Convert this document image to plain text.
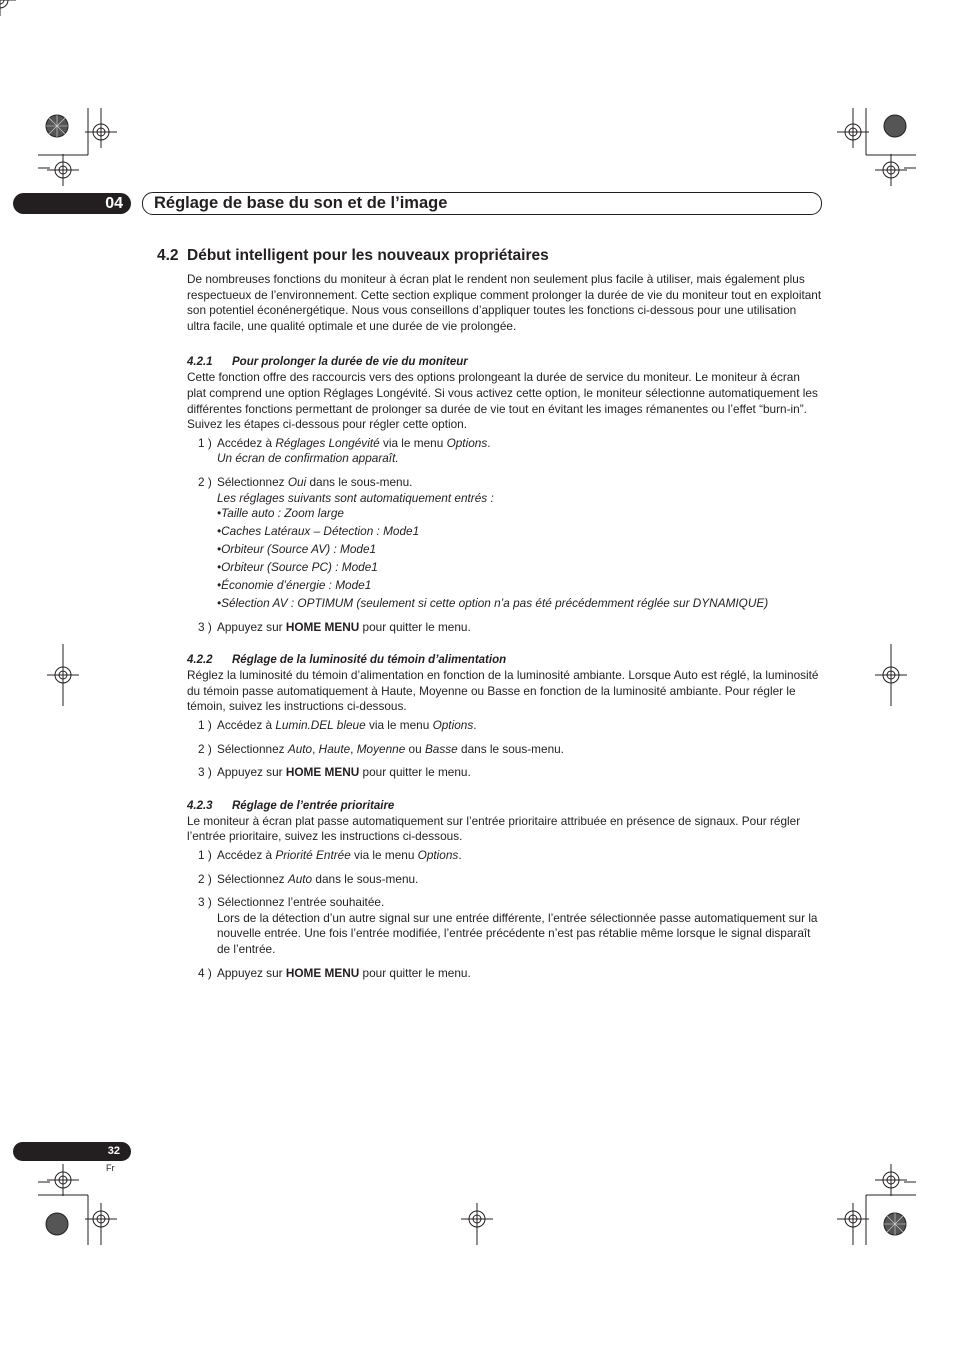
04 Réglage de base du son et de l’image
4.2 Début intelligent pour les nouveaux propriétaires

De nombreuses fonctions du moniteur à écran plat le rendent non seulement plus facile à utiliser, mais également plus respectueux de l’environnement. Cette section explique comment prolonger la durée de vie du moniteur tout en exploitant son potentiel éconénergétique. Nous vous conseillons d’appliquer toutes les fonctions ci-dessous pour une utilisation ultra facile, une qualité optimale et une durée de vie prolongée.

4.2.1 Pour prolonger la durée de vie du moniteur

Cette fonction offre des raccourcis vers des options prolongeant la durée de service du moniteur. Le moniteur à écran plat comprend une option Réglages Longévité. Si vous activez cette option, le moniteur sélectionne automatiquement les différentes fonctions permettant de prolonger sa durée de vie tout en évitant les images rémanentes ou l’effet “burn-in”. Suivez les étapes ci-dessous pour régler cette option.

1 ) Accédez à Réglages Longévité via le menu Options.
Un écran de confirmation apparaît.
2 ) Sélectionnez Oui dans le sous-menu.
Les réglages suivants sont automatiquement entrés :
•Taille auto : Zoom large
•Caches Latéraux – Détection : Mode1
•Orbiteur (Source AV) : Mode1
•Orbiteur (Source PC) : Mode1
•Économie d’énergie : Mode1
•Sélection AV : OPTIMUM (seulement si cette option n’a pas été précédemment réglée sur DYNAMIQUE)
3 ) Appuyez sur HOME MENU pour quitter le menu.
4.2.2 Réglage de la luminosité du témoin d’alimentation

Réglez la luminosité du témoin d’alimentation en fonction de la luminosité ambiante. Lorsque Auto est réglé, la luminosité du témoin passe automatiquement à Haute, Moyenne ou Basse en fonction de la luminosité ambiante. Pour régler le témoin, suivez les instructions ci-dessous.

1 ) Accédez à Lumin.DEL bleue via le menu Options.
2 ) Sélectionnez Auto, Haute, Moyenne ou Basse dans le sous-menu.
3 ) Appuyez sur HOME MENU pour quitter le menu.
4.2.3 Réglage de l’entrée prioritaire

Le moniteur à écran plat passe automatiquement sur l’entrée prioritaire attribuée en présence de signaux. Pour régler l’entrée prioritaire, suivez les instructions ci-dessous.

1 ) Accédez à Priorité Entrée via le menu Options.
2 ) Sélectionnez Auto dans le sous-menu.
3 ) Sélectionnez l’entrée souhaitée.
Lors de la détection d’un autre signal sur une entrée différente, l’entrée sélectionnée passe automatiquement sur la nouvelle entrée. Une fois l’entrée modifiée, l’entrée précédente n’est pas rétablie même lorsque le signal disparaît de l’entrée.
4 ) Appuyez sur HOME MENU pour quitter le menu.
32
Fr
